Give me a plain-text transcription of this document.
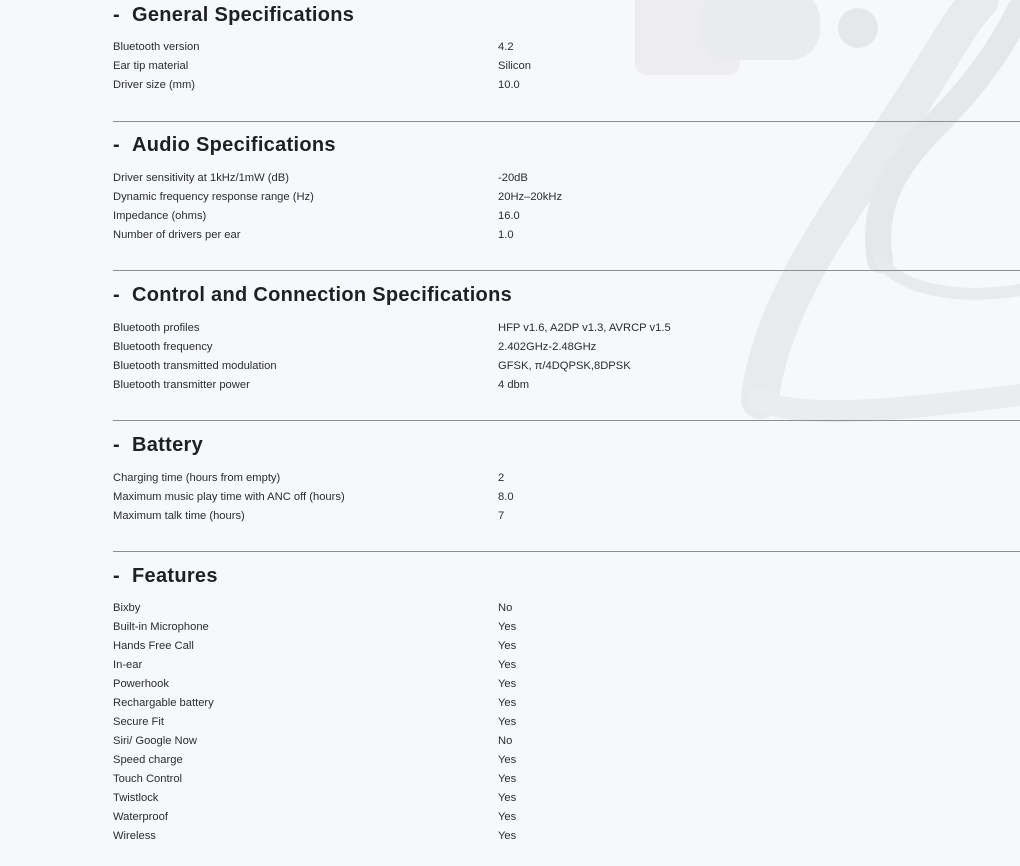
- General Specifications
Bluetooth version	4.2
Ear tip material	Silicon
Driver size (mm)	10.0
- Audio Specifications
Driver sensitivity at 1kHz/1mW (dB)	-20dB
Dynamic frequency response range (Hz)	20Hz–20kHz
Impedance (ohms)	16.0
Number of drivers per ear	1.0
- Control and Connection Specifications
Bluetooth profiles	HFP v1.6, A2DP v1.3, AVRCP v1.5
Bluetooth frequency	2.402GHz-2.48GHz
Bluetooth transmitted modulation	GFSK, π/4DQPSK,8DPSK
Bluetooth transmitter power	4 dbm
- Battery
Charging time (hours from empty)	2
Maximum music play time with ANC off (hours)	8.0
Maximum talk time (hours)	7
- Features
Bixby	No
Built-in Microphone	Yes
Hands Free Call	Yes
In-ear	Yes
Powerhook	Yes
Rechargable battery	Yes
Secure Fit	Yes
Siri/ Google Now	No
Speed charge	Yes
Touch Control	Yes
Twistlock	Yes
Waterproof	Yes
Wireless	Yes
